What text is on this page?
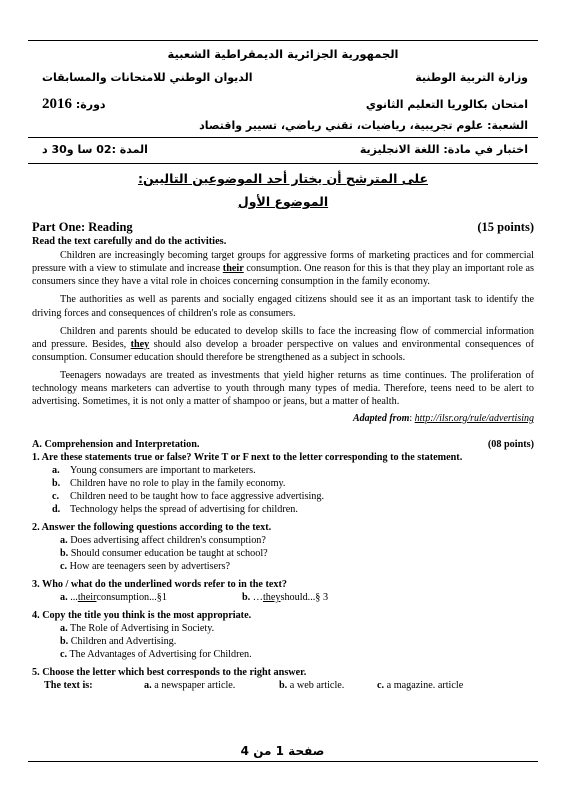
الجمهورية الجزائرية الديمقراطية الشعبية
وزارة التربية الوطنية
الديوان الوطني للامتحانات والمسابقات
امتحان بكالوريا التعليم الثانوي
دورة: 2016
الشعبة: علوم تجريبية، رياضيات، تقني رياضي، تسيير واقتصاد
اختبار في مادة: اللغة الانجليزية
المدة :02 سا و30 د
على المترشح أن يختار أحد الموضوعين التاليين:
الموضوع الأول
Part One: Reading	(15 points)
Read the text carefully and do the activities.

Children are increasingly becoming target groups for aggressive forms of marketing practices and for commercial pressure with a view to stimulate and increase their consumption. One reason for this is that they play an important role as consumers since they have a vital role in choices concerning consumption in the family economy.

The authorities as well as parents and socially engaged citizens should see it as an important task to identify the driving forces and consequences of children's role as consumers.

Children and parents should be educated to develop skills to face the increasing flow of commercial information and pressure. Besides, they should also develop a broader perspective on values and environmental consequences of consumption. Consumer education should therefore be strengthened as a subject in schools.

Teenagers nowadays are treated as investments that yield higher returns as time continues. The proliferation of technology means marketers can advertise to youth through many types of media. Therefore, teens need to be alert to advertising. Sometimes, it is not only a matter of shampoo or jeans, but a matter of health.

Adapted from: http://ilsr.org/rule/advertising
A. Comprehension and Interpretation.	(08 points)
1. Are these statements true or false? Write T or F next to the letter corresponding to the statement.
a. Young consumers are important to marketers.
b. Children have no role to play in the family economy.
c. Children need to be taught how to face aggressive advertising.
d. Technology helps the spread of advertising for children.
2. Answer the following questions according to the text.
a. Does advertising affect children's consumption?
b. Should consumer education be taught at school?
c. How are teenagers seen by advertisers?
3. Who / what do the underlined words refer to in the text?
a. ...theirconsumption...§1	b. …theyshould...§ 3
4. Copy the title you think is the most appropriate.
a. The Role of Advertising in Society.
b. Children and Advertising.
c. The Advantages of Advertising for Children.
5. Choose the letter which best corresponds to the right answer.
The text is:	a. a newspaper article.	b. a web article.	c. a magazine. article
صفحة 1 من 4
